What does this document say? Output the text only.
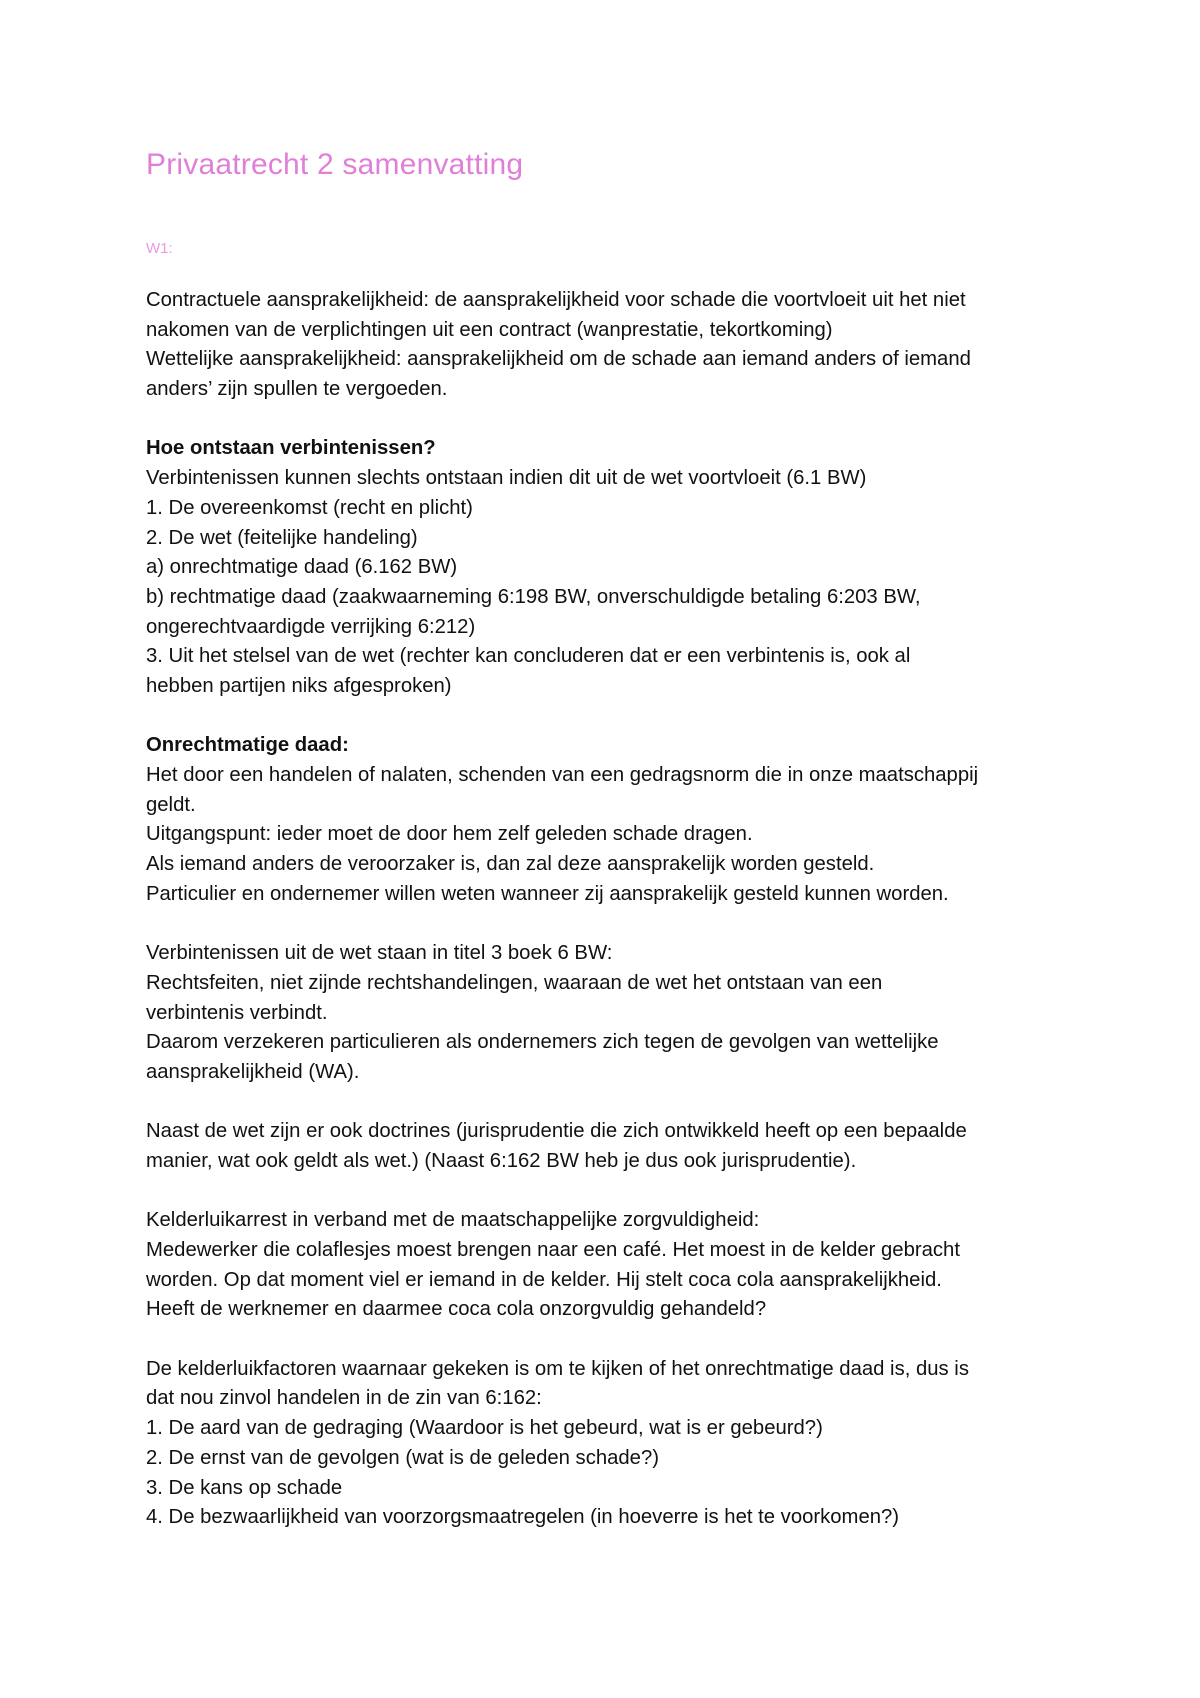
Privaatrecht 2 samenvatting
W1:
Contractuele aansprakelijkheid: de aansprakelijkheid voor schade die voortvloeit uit het niet
nakomen van de verplichtingen uit een contract (wanprestatie, tekortkoming)
Wettelijke aansprakelijkheid: aansprakelijkheid om de schade aan iemand anders of iemand
anders’ zijn spullen te vergoeden.
Hoe ontstaan verbintenissen?
Verbintenissen kunnen slechts ontstaan indien dit uit de wet voortvloeit (6.1 BW)
1. De overeenkomst (recht en plicht)
2. De wet (feitelijke handeling)
a) onrechtmatige daad (6.162 BW)
b) rechtmatige daad (zaakwaarneming 6:198 BW, onverschuldigde betaling 6:203 BW,
ongerechtvaardigde verrijking 6:212)
3. Uit het stelsel van de wet (rechter kan concluderen dat er een verbintenis is, ook al
hebben partijen niks afgesproken)
Onrechtmatige daad:
Het door een handelen of nalaten, schenden van een gedragsnorm die in onze maatschappij
geldt.
Uitgangspunt: ieder moet de door hem zelf geleden schade dragen.
Als iemand anders de veroorzaker is, dan zal deze aansprakelijk worden gesteld.
Particulier en ondernemer willen weten wanneer zij aansprakelijk gesteld kunnen worden.
Verbintenissen uit de wet staan in titel 3 boek 6 BW:
Rechtsfeiten, niet zijnde rechtshandelingen, waaraan de wet het ontstaan van een
verbintenis verbindt.
Daarom verzekeren particulieren als ondernemers zich tegen de gevolgen van wettelijke
aansprakelijkheid (WA).
Naast de wet zijn er ook doctrines (jurisprudentie die zich ontwikkeld heeft op een bepaalde
manier, wat ook geldt als wet.) (Naast 6:162 BW heb je dus ook jurisprudentie).
Kelderluikarrest in verband met de maatschappelijke zorgvuldigheid:
Medewerker die colaflesjes moest brengen naar een café. Het moest in de kelder gebracht
worden. Op dat moment viel er iemand in de kelder. Hij stelt coca cola aansprakelijkheid.
Heeft de werknemer en daarmee coca cola onzorgvuldig gehandeld?
De kelderluikfactoren waarnaar gekeken is om te kijken of het onrechtmatige daad is, dus is
dat nou zinvol handelen in de zin van 6:162:
1. De aard van de gedraging (Waardoor is het gebeurd, wat is er gebeurd?)
2. De ernst van de gevolgen (wat is de geleden schade?)
3. De kans op schade
4. De bezwaarlijkheid van voorzorgsmaatregelen (in hoeverre is het te voorkomen?)
